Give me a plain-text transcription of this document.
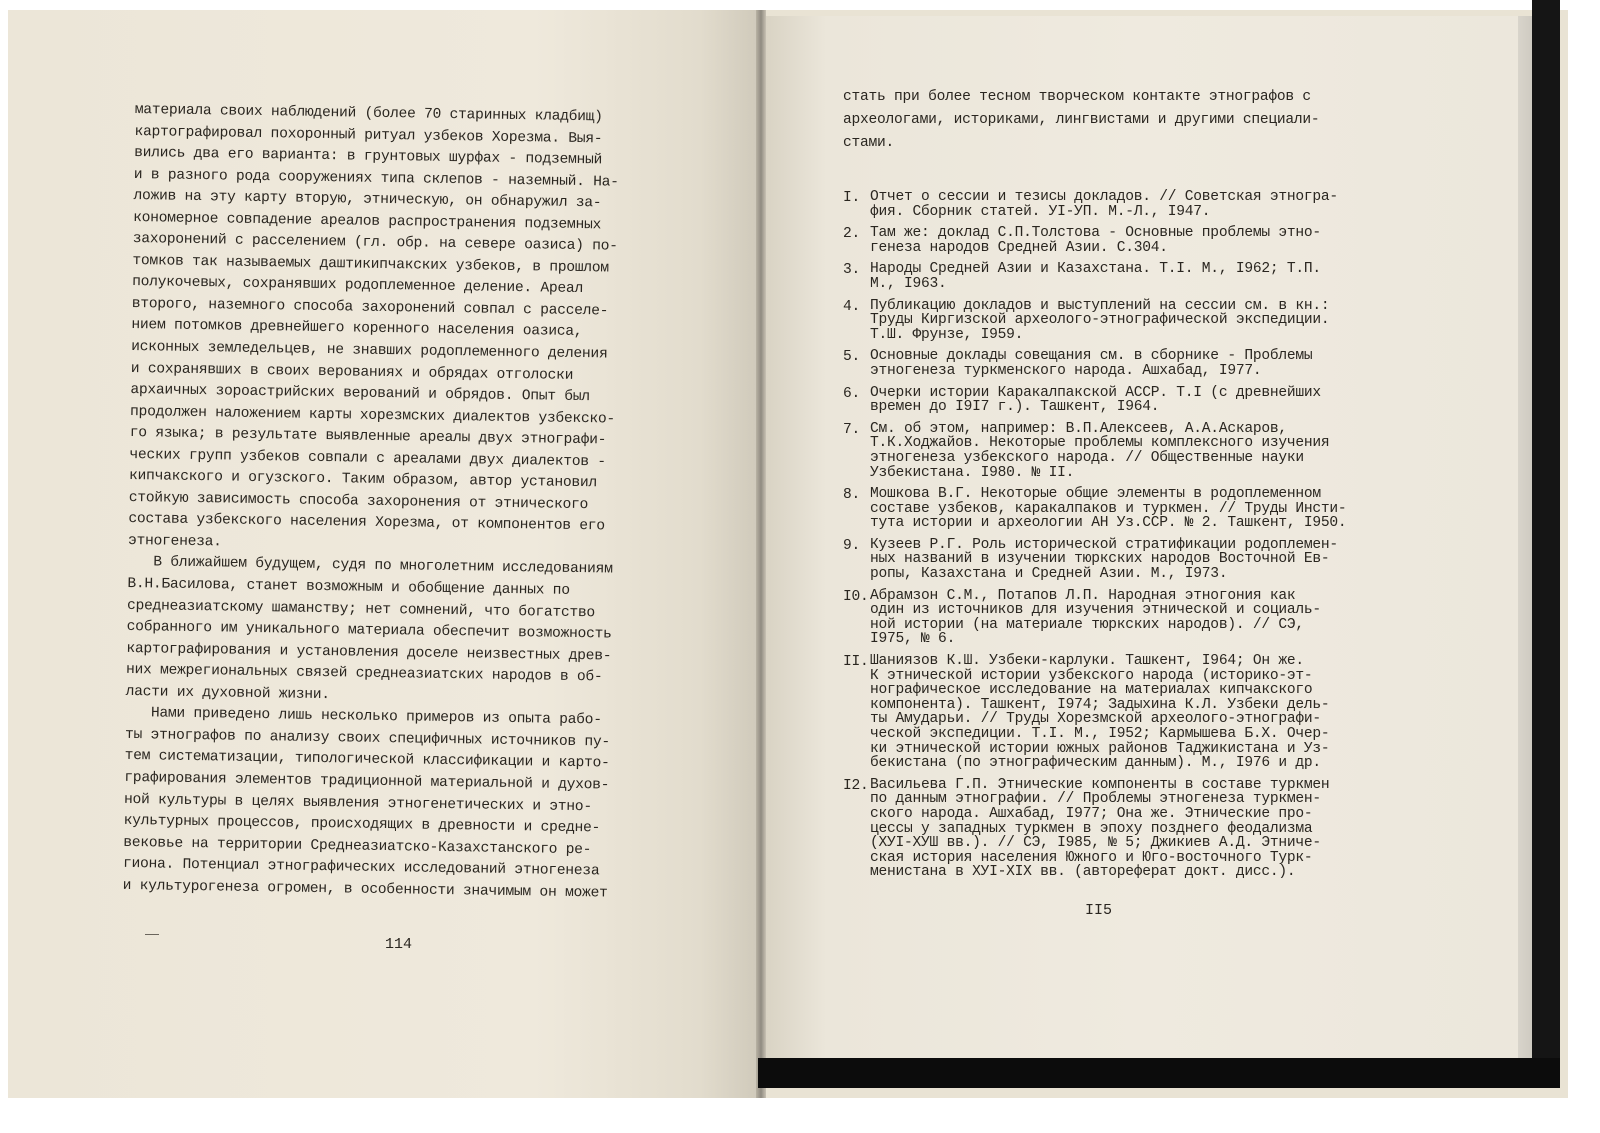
материала своих наблюдений (более 70 старинных кладбищ)
картографировал похоронный ритуал узбеков Хорезма. Выя-
вились два его варианта: в грунтовых шурфах - подземный
и в разного рода сооружениях типа склепов - наземный. На-
ложив на эту карту вторую, этническую, он обнаружил за-
кономерное совпадение ареалов распространения подземных
захоронений с расселением (гл. обр. на севере оазиса) по-
томков так называемых даштикипчакских узбеков, в прошлом
полукочевых, сохранявших родоплеменное деление. Ареал
второго, наземного способа захоронений совпал с расселе-
нием потомков древнейшего коренного населения оазиса,
исконных земледельцев, не знавших родоплеменного деления
и сохранявших в своих верованиях и обрядах отголоски
архаичных зороастрийских верований и обрядов. Опыт был
продолжен наложением карты хорезмских диалектов узбекско-
го языка; в результате выявленные ареалы двух этнографи-
ческих групп узбеков совпали с ареалами двух диалектов -
кипчакского и огузского. Таким образом, автор установил
стойкую зависимость способа захоронения от этнического
состава узбекского населения Хорезма, от компонентов его
этногенеза.
В ближайшем будущем, судя по многолетним исследованиям
В.Н.Басилова, станет возможным и обобщение данных по
среднеазиатскому шаманству; нет сомнений, что богатство
собранного им уникального материала обеспечит возможность
картографирования и установления доселе неизвестных древ-
них межрегиональных связей среднеазиатских народов в об-
ласти их духовной жизни.
Нами приведено лишь несколько примеров из опыта рабо-
ты этнографов по анализу своих специфичных источников пу-
тем систематизации, типологической классификации и карто-
графирования элементов традиционной материальной и духов-
ной культуры в целях выявления этногенетических и этно-
культурных процессов, происходящих в древности и средне-
вековье на территории Среднеазиатско-Казахстанского ре-
гиона. Потенциал этнографических исследований этногенеза
и культурогенеза огромен, в особенности значимым он может
114
стать при более тесном творческом контакте этнографов с
археологами, историками, лингвистами и другими специали-
стами.
I. Отчет о сессии и тезисы докладов. // Советская этногра-
фия. Сборник статей. УI-УП. М.-Л., I947.
2. Там же: доклад С.П.Толстова - Основные проблемы этно-
генеза народов Средней Азии. С.304.
3. Народы Средней Азии и Казахстана. Т.I. М., I962; Т.П.
М., I963.
4. Публикацию докладов и выступлений на сессии см. в кн.:
Труды Киргизской археолого-этнографической экспедиции.
Т.Ш. Фрунзе, I959.
5. Основные доклады совещания см. в сборнике - Проблемы
этногенеза туркменского народа. Ашхабад, I977.
6. Очерки истории Каракалпакской АССР. Т.I (с древнейших
времен до I9I7 г.). Ташкент, I964.
7. См. об этом, например: В.П.Алексеев, А.А.Аскаров,
Т.К.Ходжайов. Некоторые проблемы комплексного изучения
этногенеза узбекского народа. // Общественные науки
Узбекистана. I980. № II.
8. Мошкова В.Г. Некоторые общие элементы в родоплеменном
составе узбеков, каракалпаков и туркмен. // Труды Инсти-
тута истории и археологии АН Уз.ССР. № 2. Ташкент, I950.
9. Кузеев Р.Г. Роль исторической стратификации родоплемен-
ных названий в изучении тюркских народов Восточной Ев-
ропы, Казахстана и Средней Азии. М., I973.
I0. Абрамзон С.М., Потапов Л.П. Народная этногония как
один из источников для изучения этнической и социаль-
ной истории (на материале тюркских народов). // СЭ,
I975, № 6.
II. Шаниязов К.Ш. Узбеки-карлуки. Ташкент, I964; Он же.
К этнической истории узбекского народа (историко-эт-
нографическое исследование на материалах кипчакского
компонента). Ташкент, I974; Задыхина К.Л. Узбеки дель-
ты Амударьи. // Труды Хорезмской археолого-этнографи-
ческой экспедиции. Т.I. М., I952; Кармышева Б.Х. Очер-
ки этнической истории южных районов Таджикистана и Уз-
бекистана (по этнографическим данным). М., I976 и др.
I2. Васильева Г.П. Этнические компоненты в составе туркмен
по данным этнографии. // Проблемы этногенеза туркмен-
ского народа. Ашхабад, I977; Она же. Этнические про-
цессы у западных туркмен в эпоху позднего феодализма
(ХУI-ХУШ вв.). // СЭ, I985, № 5; Джикиев А.Д. Этниче-
ская история населения Южного и Юго-восточного Турк-
менистана в ХУI-XIX вв. (автореферат докт. дисс.).
II5
